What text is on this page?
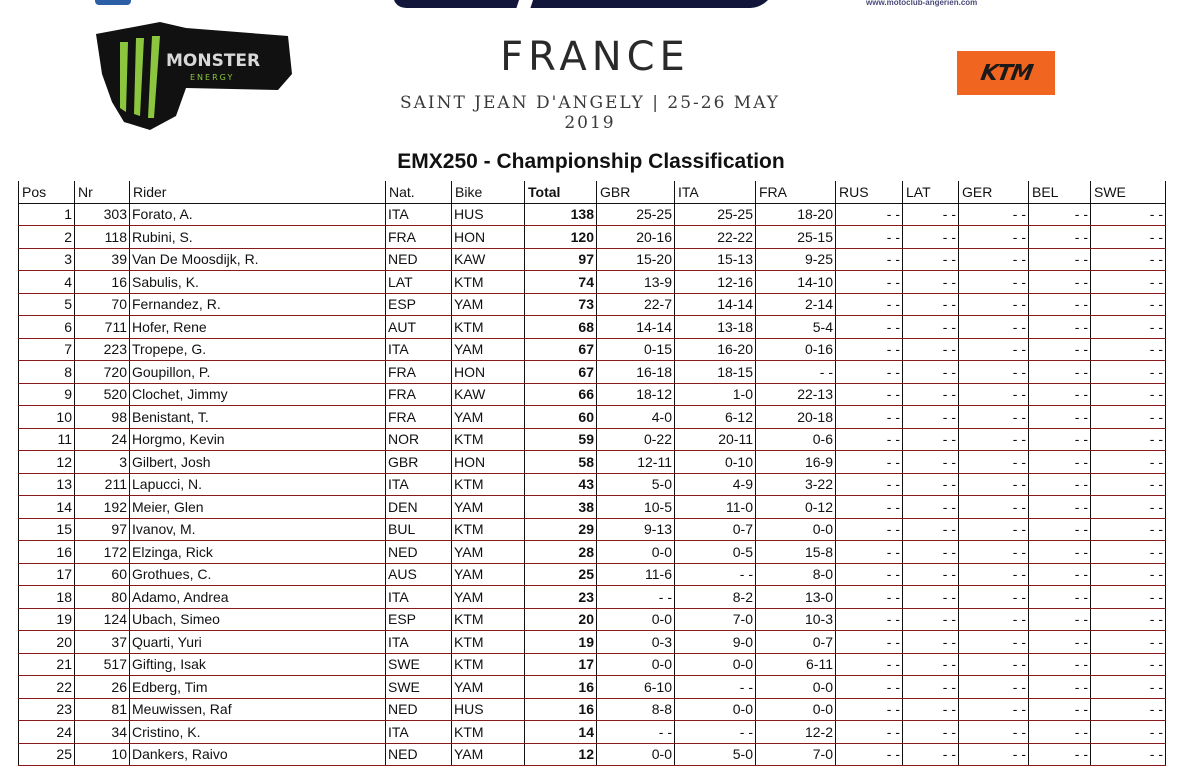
www.motoclub-angerien.com
MONSTER
ENERGY	FRANCE
SAINT JEAN D'ANGELY | 25-26 MAY 2019
KTM
EMX250 - Championship Classification
Pos	Nr	Rider	Nat.	Bike	Total	GBR	ITA	FRA	RUS	LAT	GER	BEL	SWE
1	303	Forato, A.	ITA	HUS	138	25-25	25-25	18-20	- -	- -	- -	- -	- -
2	118	Rubini, S.	FRA	HON	120	20-16	22-22	25-15	- -	- -	- -	- -	- -
3	39	Van De Moosdijk, R.	NED	KAW	97	15-20	15-13	9-25	- -	- -	- -	- -	- -
4	16	Sabulis, K.	LAT	KTM	74	13-9	12-16	14-10	- -	- -	- -	- -	- -
5	70	Fernandez, R.	ESP	YAM	73	22-7	14-14	2-14	- -	- -	- -	- -	- -
6	711	Hofer, Rene	AUT	KTM	68	14-14	13-18	5-4	- -	- -	- -	- -	- -
7	223	Tropepe, G.	ITA	YAM	67	0-15	16-20	0-16	- -	- -	- -	- -	- -
8	720	Goupillon, P.	FRA	HON	67	16-18	18-15	- -	- -	- -	- -	- -	- -
9	520	Clochet, Jimmy	FRA	KAW	66	18-12	1-0	22-13	- -	- -	- -	- -	- -
10	98	Benistant, T.	FRA	YAM	60	4-0	6-12	20-18	- -	- -	- -	- -	- -
11	24	Horgmo, Kevin	NOR	KTM	59	0-22	20-11	0-6	- -	- -	- -	- -	- -
12	3	Gilbert, Josh	GBR	HON	58	12-11	0-10	16-9	- -	- -	- -	- -	- -
13	211	Lapucci, N.	ITA	KTM	43	5-0	4-9	3-22	- -	- -	- -	- -	- -
14	192	Meier, Glen	DEN	YAM	38	10-5	11-0	0-12	- -	- -	- -	- -	- -
15	97	Ivanov, M.	BUL	KTM	29	9-13	0-7	0-0	- -	- -	- -	- -	- -
16	172	Elzinga, Rick	NED	YAM	28	0-0	0-5	15-8	- -	- -	- -	- -	- -
17	60	Grothues, C.	AUS	YAM	25	11-6	- -	8-0	- -	- -	- -	- -	- -
18	80	Adamo, Andrea	ITA	YAM	23	- -	8-2	13-0	- -	- -	- -	- -	- -
19	124	Ubach, Simeo	ESP	KTM	20	0-0	7-0	10-3	- -	- -	- -	- -	- -
20	37	Quarti, Yuri	ITA	KTM	19	0-3	9-0	0-7	- -	- -	- -	- -	- -
21	517	Gifting, Isak	SWE	KTM	17	0-0	0-0	6-11	- -	- -	- -	- -	- -
22	26	Edberg, Tim	SWE	YAM	16	6-10	- -	0-0	- -	- -	- -	- -	- -
23	81	Meuwissen, Raf	NED	HUS	16	8-8	0-0	0-0	- -	- -	- -	- -	- -
24	34	Cristino, K.	ITA	KTM	14	- -	- -	12-2	- -	- -	- -	- -	- -
25	10	Dankers, Raivo	NED	YAM	12	0-0	5-0	7-0	- -	- -	- -	- -	- -
